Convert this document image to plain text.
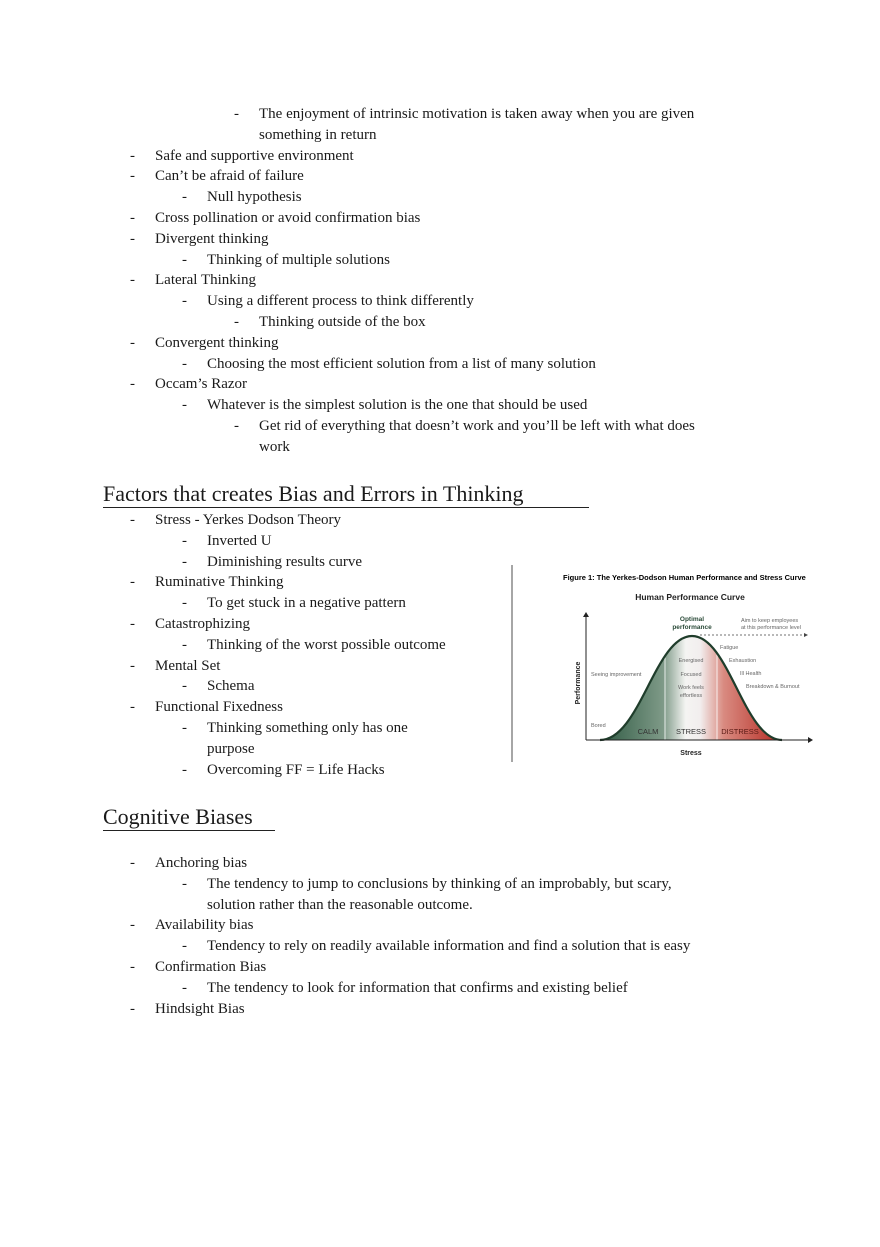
- The enjoyment of intrinsic motivation is taken away when you are given
something in return
- Safe and supportive environment
- Can’t be afraid of failure
- Null hypothesis
- Cross pollination or avoid confirmation bias
- Divergent thinking
- Thinking of multiple solutions
- Lateral Thinking
- Using a different process to think differently
- Thinking outside of the box
- Convergent thinking
- Choosing the most efficient solution from a list of many solution
- Occam’s Razor
- Whatever is the simplest solution is the one that should be used
- Get rid of everything that doesn’t work and you’ll be left with what does
work
Factors that creates Bias and Errors in Thinking
- Stress - Yerkes Dodson Theory
- Inverted U
- Diminishing results curve
- Ruminative Thinking
- To get stuck in a negative pattern
- Catastrophizing
- Thinking of the worst possible outcome
- Mental Set
- Schema
- Functional Fixedness
- Thinking something only has one
purpose
- Overcoming FF = Life Hacks
Figure 1: The Yerkes-Dodson Human Performance and Stress Curve
Human Performance Curve
Optimal
performance
Aim to keep employees
at this performance level
Seeing improvement
Bored
Energised
Focused
Work feels
effortless
Fatigue
Exhaustion
Ill Health
Breakdown & Burnout
CALM STRESS DISTRESS
Stress
Performance
Cognitive Biases
- Anchoring bias
- The tendency to jump to conclusions by thinking of an improbably, but scary,
solution rather than the reasonable outcome.
- Availability bias
- Tendency to rely on readily available information and find a solution that is easy
- Confirmation Bias
- The tendency to look for information that confirms and existing belief
- Hindsight Bias
